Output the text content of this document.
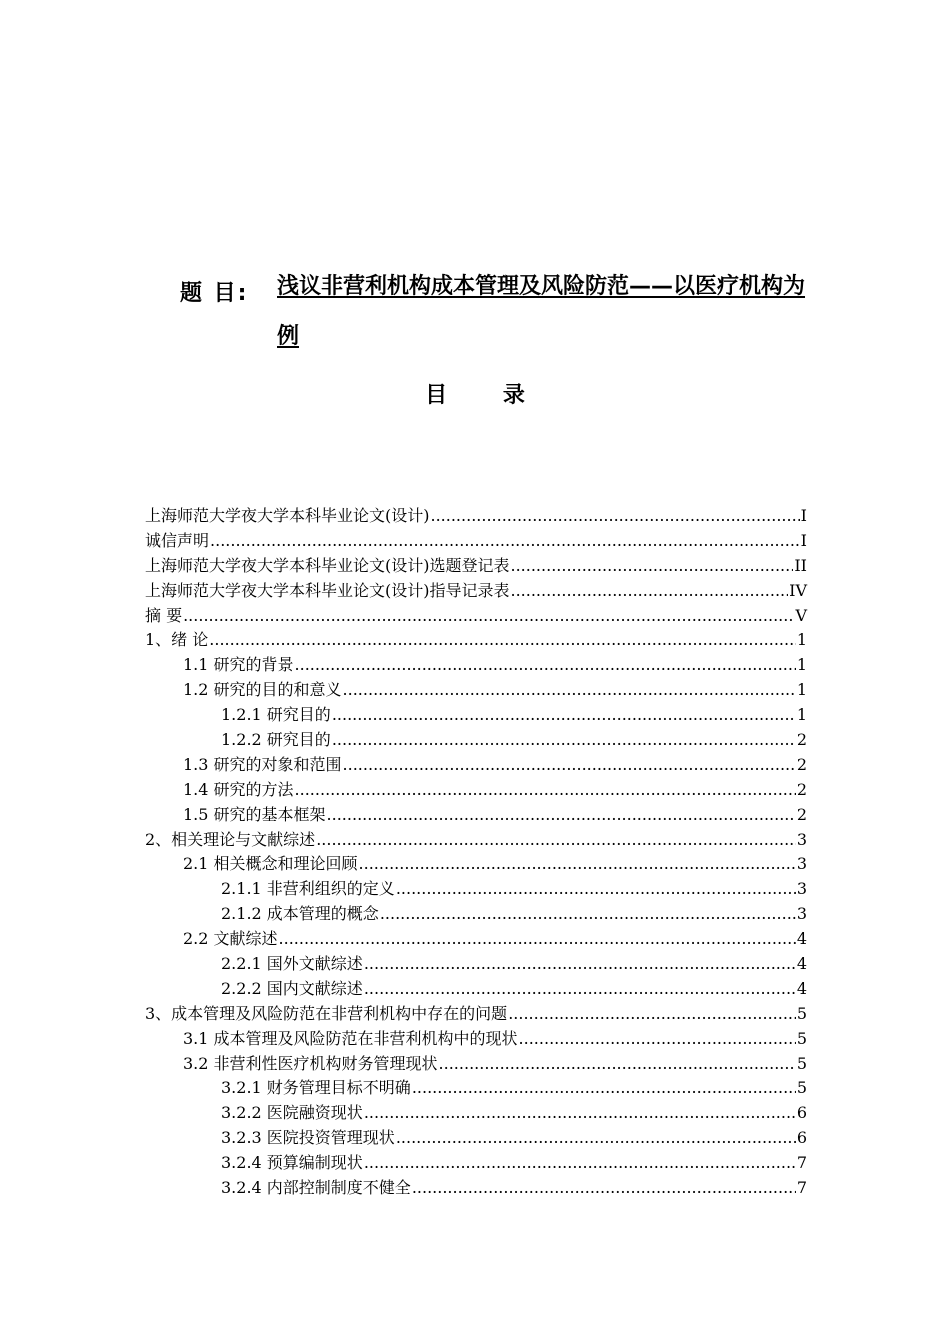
题 目: 浅议非营利机构成本管理及风险防范——以医疗机构为例
目 录
上海师范大学夜大学本科毕业论文(设计) .....	I
诚信声明 .....	I
上海师范大学夜大学本科毕业论文(设计)选题登记表 .....	II
上海师范大学夜大学本科毕业论文(设计)指导记录表 .....	IV
摘 要 .....	V
1、绪 论 .....	1
1.1 研究的背景 .....	1
1.2 研究的目的和意义 .....	1
1.2.1 研究目的 .....	1
1.2.2 研究目的 .....	2
1.3 研究的对象和范围 .....	2
1.4 研究的方法 .....	2
1.5 研究的基本框架 .....	2
2、相关理论与文献综述 .....	3
2.1 相关概念和理论回顾 .....	3
2.1.1 非营利组织的定义 .....	3
2.1.2 成本管理的概念 .....	3
2.2 文献综述 .....	4
2.2.1 国外文献综述 .....	4
2.2.2 国内文献综述 .....	4
3、成本管理及风险防范在非营利机构中存在的问题 .....	5
3.1 成本管理及风险防范在非营利机构中的现状 .....	5
3.2 非营利性医疗机构财务管理现状 .....	5
3.2.1 财务管理目标不明确 .....	5
3.2.2 医院融资现状 .....	6
3.2.3 医院投资管理现状 .....	6
3.2.4 预算编制现状 .....	7
3.2.4 内部控制制度不健全 .....	7
